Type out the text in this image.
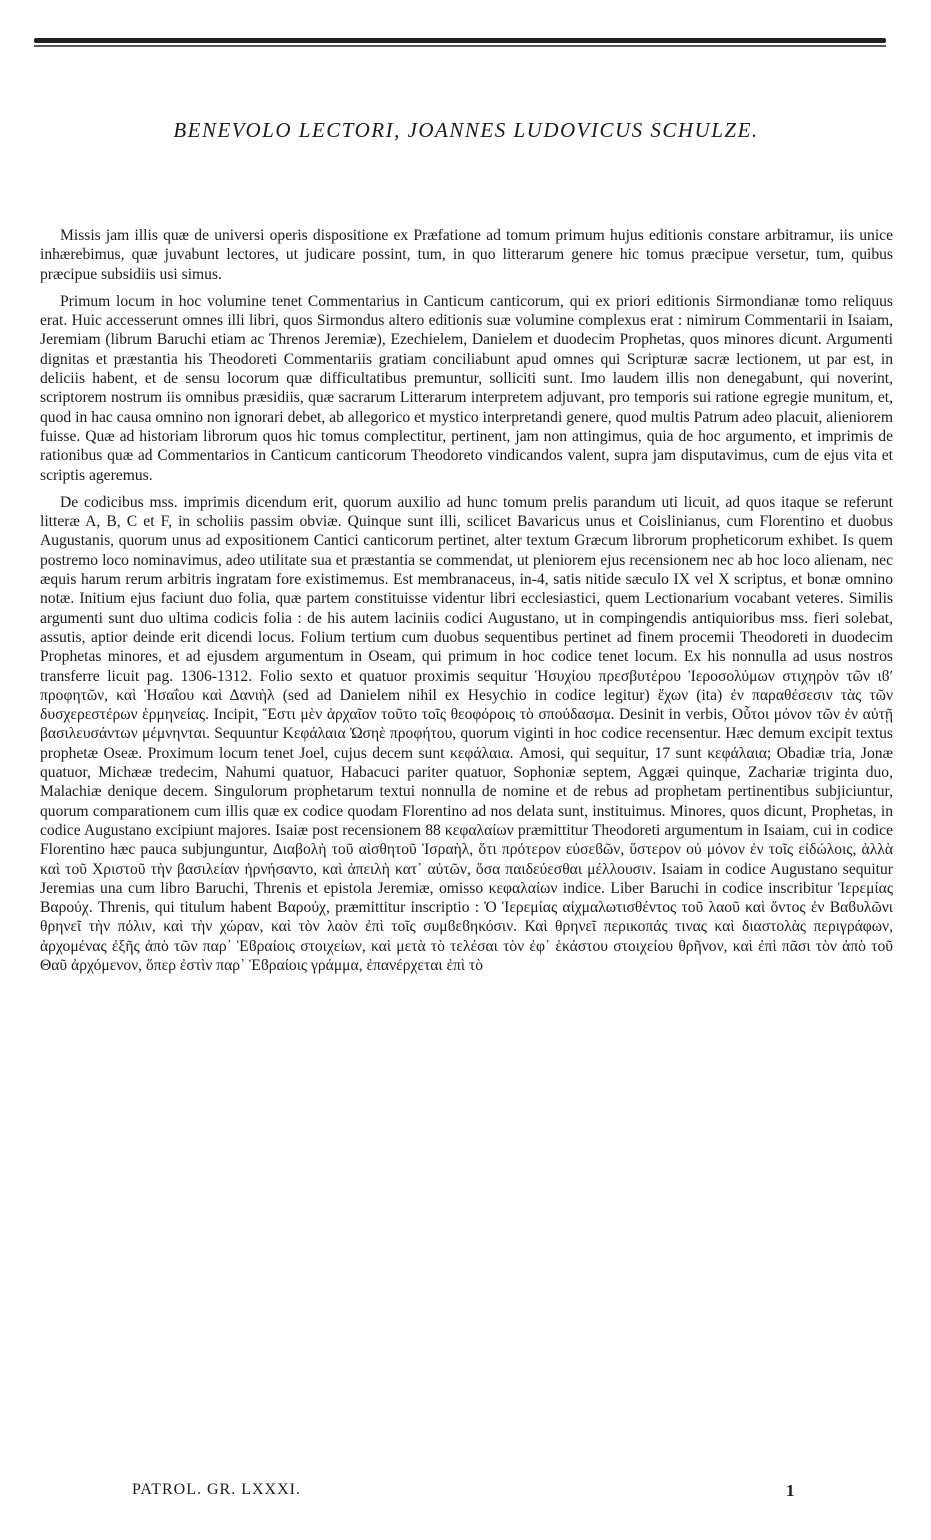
BENEVOLO LECTORI, JOANNES LUDOVICUS SCHULZE.

Missis jam illis quæ de universi operis dispositione ex Præfatione ad tomum primum hujus editionis constare arbitramur, iis unice inhærebimus, quæ juvabunt lectores, ut judicare possint, tum, in quo litterarum genere hic tomus præcipue versetur, tum, quibus præcipue subsidiis usi simus.

Primum locum in hoc volumine tenet Commentarius in Canticum canticorum, qui ex priori editionis Sirmondianæ tomo reliquus erat. Huic accesserunt omnes illi libri, quos Sirmondus altero editionis suæ volumine complexus erat : nimirum Commentarii in Isaiam, Jeremiam (librum Baruchi etiam ac Threnos Jeremiæ), Ezechielem, Danielem et duodecim Prophetas, quos minores dicunt. Argumenti dignitas et præstantia his Theodoreti Commentariis gratiam conciliabunt apud omnes qui Scripturæ sacræ lectionem, ut par est, in deliciis habent, et de sensu locorum quæ difficultatibus premuntur, solliciti sunt. Imo laudem illis non denegabunt, qui noverint, scriptorem nostrum iis omnibus præsidiis, quæ sacrarum Litterarum interpretem adjuvant, pro temporis sui ratione egregie munitum, et, quod in hac causa omnino non ignorari debet, ab allegorico et mystico interpretandi genere, quod multis Patrum adeo placuit, alieniorem fuisse. Quæ ad historiam librorum quos hic tomus complectitur, pertinent, jam non attingimus, quia de hoc argumento, et imprimis de rationibus quæ ad Commentarios in Canticum canticorum Theodoreto vindicandos valent, supra jam disputavimus, cum de ejus vita et scriptis ageremus.

De codicibus mss. imprimis dicendum erit, quorum auxilio ad hunc tomum prelis parandum uti licuit, ad quos itaque se referunt litteræ A, B, C et F, in scholiis passim obviæ. Quinque sunt illi, scilicet Bavaricus unus et Coislinianus, cum Florentino et duobus Augustanis, quorum unus ad expositionem Cantici canticorum pertinet, alter textum Græcum librorum propheticorum exhibet. Is quem postremo loco nominavimus, adeo utilitate sua et præstantia se commendat, ut pleniorem ejus recensionem nec ab hoc loco alienam, nec æquis harum rerum arbitris ingratam fore existimemus. Est membranaceus, in-4, satis nitide sæculo IX vel X scriptus, et bonæ omnino notæ. Initium ejus faciunt duo folia, quæ partem constituisse videntur libri ecclesiastici, quem Lectionarium vocabant veteres. Similis argumenti sunt duo ultima codicis folia : de his autem laciniis codici Augustano, ut in compingendis antiquioribus mss. fieri solebat, assutis, aptior deinde erit dicendi locus. Folium tertium cum duobus sequentibus pertinet ad finem procemii Theodoreti in duodecim Prophetas minores, et ad ejusdem argumentum in Oseam, qui primum in hoc codice tenet locum. Ex his nonnulla ad usus nostros transferre licuit pag. 1306-1312. Folio sexto et quatuor proximis sequitur Ἡσυχίου πρεσβυτέρου Ἱεροσολύμων στιχηρὸν τῶν ιϐʹ προφητῶν, καὶ Ἡσαΐου καὶ Δανιὴλ (sed ad Danielem nihil ex Hesychio in codice legitur) ἔχων (ita) ἐν παραθέσεσιν τὰς τῶν δυσχερεστέρων ἑρμηνείας. Incipit, Ἔστι μὲν ἀρχαῖον τοῦτο τοῖς θεοφόροις τὸ σπούδασμα. Desinit in verbis, Οὗτοι μόνον τῶν ἐν αὐτῇ βασιλευσάντων μέμνηνται. Sequuntur Κεφάλαια Ὠσηὲ προφήτου, quorum viginti in hoc codice recensentur. Hæc demum excipit textus prophetæ Oseæ. Proximum locum tenet Joel, cujus decem sunt κεφάλαια. Amosi, qui sequitur, 17 sunt κεφάλαια; Obadiæ tria, Jonæ quatuor, Michææ tredecim, Nahumi quatuor, Habacuci pariter quatuor, Sophoniæ septem, Aggæi quinque, Zachariæ triginta duo, Malachiæ denique decem. Singulorum prophetarum textui nonnulla de nomine et de rebus ad prophetam pertinentibus subjiciuntur, quorum comparationem cum illis quæ ex codice quodam Florentino ad nos delata sunt, instituimus. Minores, quos dicunt, Prophetas, in codice Augustano excipiunt majores. Isaiæ post recensionem 88 κεφαλαίων præmittitur Theodoreti argumentum in Isaiam, cui in codice Florentino hæc pauca subjunguntur, Διαβολὴ τοῦ αἰσθητοῦ Ἰσραὴλ, ὅτι πρότερον εὐσεϐῶν, ὕστερον οὐ μόνον ἐν τοῖς εἰδώλοις, ἀλλὰ καὶ τοῦ Χριστοῦ τὴν βασιλείαν ἠρνήσαντο, καὶ ἀπειλὴ κατ᾽ αὐτῶν, ὅσα παιδεύεσθαι μέλλουσιν. Isaiam in codice Augustano sequitur Jeremias una cum libro Baruchi, Threnis et epistola Jeremiæ, omisso κεφαλαίων indice. Liber Baruchi in codice inscribitur Ἱερεμίας Βαρούχ. Threnis, qui titulum habent Βαρούχ, præmittitur inscriptio : Ὁ Ἱερεμίας αἰχμαλωτισθέντος τοῦ λαοῦ καὶ ὄντος ἐν Βαϐυλῶνι θρηνεῖ τὴν πόλιν, καὶ τὴν χώραν, καὶ τὸν λαὸν ἐπὶ τοῖς συμϐεϐηκόσιν. Καὶ θρηνεῖ περικοπάς τινας καὶ διαστολὰς περιγράφων, ἀρχομένας ἐξῆς ἀπὸ τῶν παρ᾽ Ἑϐραίοις στοιχείων, καὶ μετὰ τὸ τελέσαι τὸν ἐφ᾽ ἑκάστου στοιχείου θρῆνον, καὶ ἐπὶ πᾶσι τὸν ἀπὸ τοῦ Θαῦ ἀρχόμενον, ὅπερ ἐστὶν παρ᾽ Ἑϐραίοις γράμμα, ἐπανέρχεται ἐπὶ τὸ

PATROL. GR. LXXXI.	1
